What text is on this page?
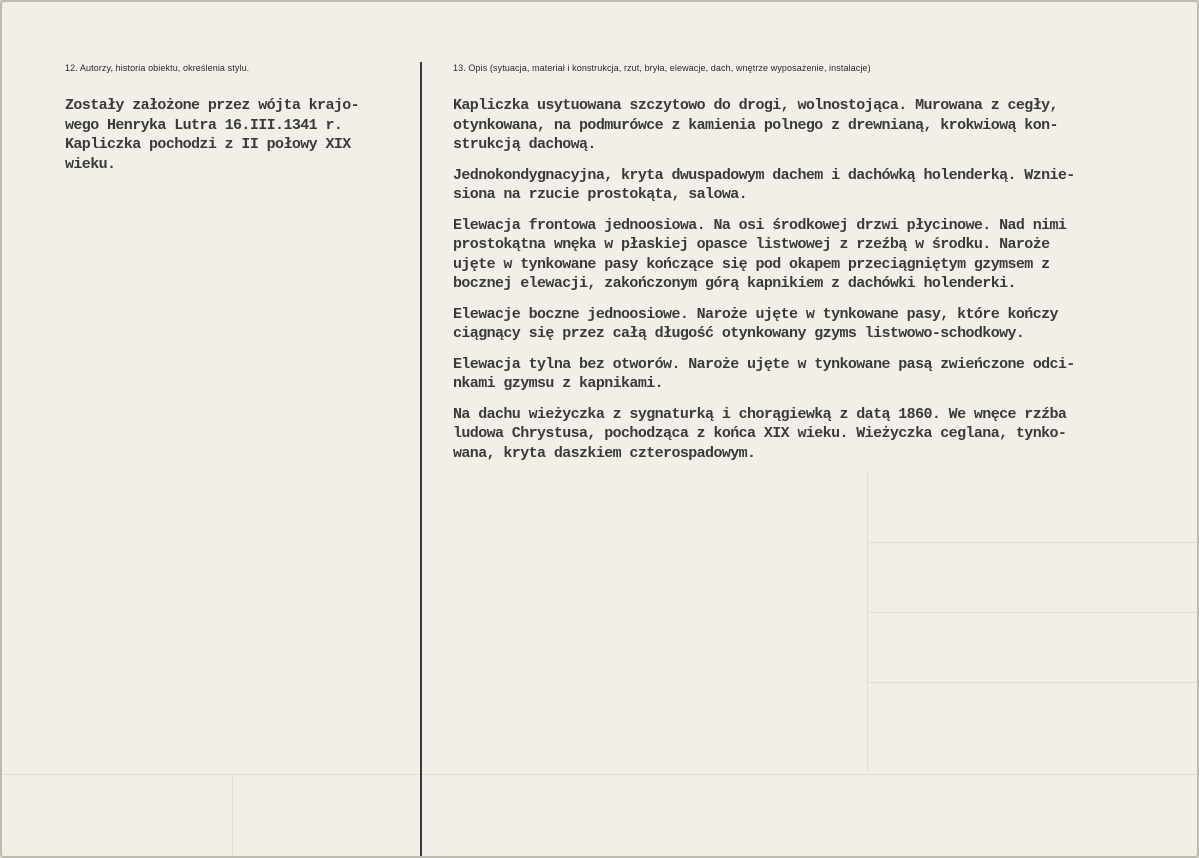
12. Autorzy, historia obiektu, określenia stylu.
Zostały założone przez wójta krajo-
wego Henryka Lutra 16.III.1341 r.
Kapliczka pochodzi z II połowy XIX
wieku.
13. Opis (sytuacja, materiał i konstrukcja, rzut, bryła, elewacje, dach, wnętrze wyposażenie, instalacje)
Kapliczka usytuowana szczytowo do drogi, wolnostojąca. Murowana z cegły,
otynkowana, na podmurówce z kamienia polnego z drewnianą, krokwiową kon-
strukcją dachową.
Jednokondygnacyjna, kryta dwuspadowym dachem i dachówką holenderką. Wznie-
siona na rzucie prostokąta, salowa.
Elewacja frontowa jednoosiowa. Na osi środkowej drzwi płycinowe. Nad nimi
prostokątna wnęka w płaskiej opasce listwowej z rzeźbą w środku. Naroże
ujęte w tynkowane pasy kończące się pod okapem przeciągniętym gzymsem z
bocznej elewacji, zakończonym górą kapnikiem z dachówki holenderki.
Elewacje boczne jednoosiowe. Naroże ujęte w tynkowane pasy, które kończy
ciągnący się przez całą długość otynkowany gzyms listwowo-schodkowy.
Elewacja tylna bez otworów. Naroże ujęte w tynkowane pasą zwieńczone odci-
nkami gzymsu z kapnikami.
Na dachu wieżyczka z sygnaturką i chorągiewką z datą 1860. We wnęce rzźba
ludowa Chrystusa, pochodząca z końca XIX wieku. Wieżyczka ceglana, tynko-
wana, kryta daszkiem czterospadowym.
